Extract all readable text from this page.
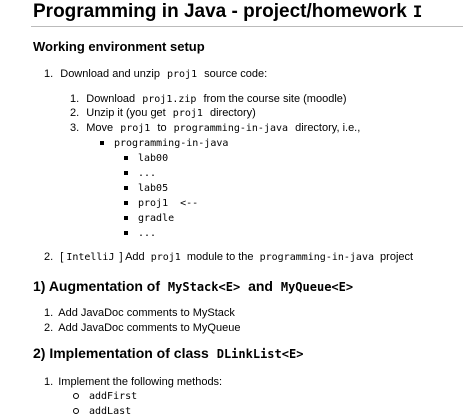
Programming in Java - project/homework I
Working environment setup
1. Download and unzip proj1 source code:
1. Download proj1.zip from the course site (moodle)
2. Unzip it (you get proj1 directory)
3. Move proj1 to programming-in-java directory, i.e.,
programming-in-java
lab00
...
lab05
proj1  <--
gradle
...
2. [ IntelliJ ] Add proj1 module to the programming-in-java project
1) Augmentation of MyStack<E> and MyQueue<E>
1. Add JavaDoc comments to MyStack
2. Add JavaDoc comments to MyQueue
2) Implementation of class DLinkList<E>
1. Implement the following methods:
addFirst
addLast
